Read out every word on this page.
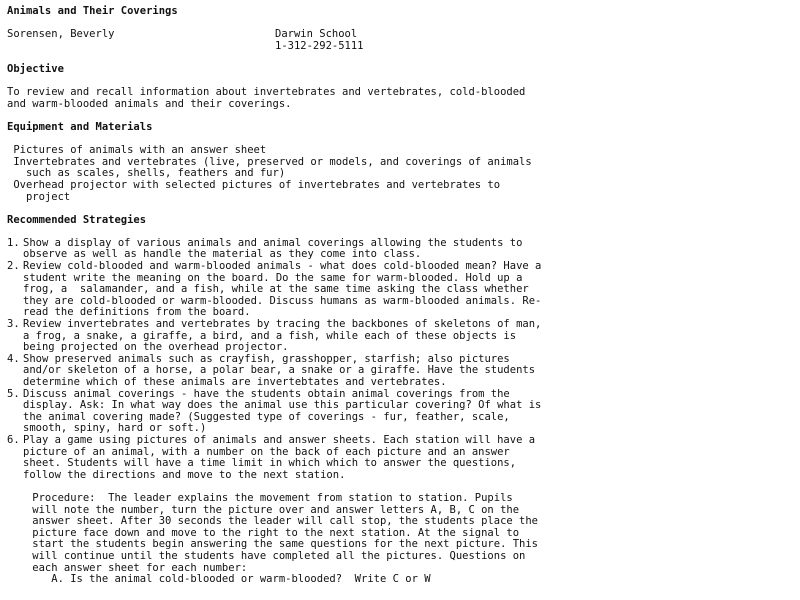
Animals and Their Coverings
Sorensen, Beverly	Darwin School
1-312-292-5111
Objective
To review and recall information about invertebrates and vertebrates, cold-blooded
and warm-blooded animals and their coverings.
Equipment and Materials
Pictures of animals with an answer sheet
Invertebrates and vertebrates (live, preserved or models, and coverings of animals
such as scales, shells, feathers and fur)
Overhead projector with selected pictures of invertebrates and vertebrates to
project
Recommended Strategies
1. Show a display of various animals and animal coverings allowing the students to
observe as well as handle the material as they come into class.
2. Review cold-blooded and warm-blooded animals - what does cold-blooded mean? Have a
student write the meaning on the board. Do the same for warm-blooded. Hold up a
frog, a  salamander, and a fish, while at the same time asking the class whether
they are cold-blooded or warm-blooded. Discuss humans as warm-blooded animals. Re-
read the definitions from the board.
3. Review invertebrates and vertebrates by tracing the backbones of skeletons of man,
a frog, a snake, a giraffe, a bird, and a fish, while each of these objects is
being projected on the overhead projector.
4. Show preserved animals such as crayfish, grasshopper, starfish; also pictures
and/or skeleton of a horse, a polar bear, a snake or a giraffe. Have the students
determine which of these animals are invertebtates and vertebrates.
5. Discuss animal coverings - have the students obtain animal coverings from the
display. Ask: In what way does the animal use this particular covering? Of what is
the animal covering made? (Suggested type of coverings - fur, feather, scale,
smooth, spiny, hard or soft.)
6. Play a game using pictures of animals and answer sheets. Each station will have a
picture of an animal, with a number on the back of each picture and an answer
sheet. Students will have a time limit in which which to answer the questions,
follow the directions and move to the next station.
Procedure:  The leader explains the movement from station to station. Pupils
will note the number, turn the picture over and answer letters A, B, C on the
answer sheet. After 30 seconds the leader will call stop, the students place the
picture face down and move to the right to the next station. At the signal to
start the students begin answering the same questions for the next picture. This
will continue until the students have completed all the pictures. Questions on
each answer sheet for each number:
A. Is the animal cold-blooded or warm-blooded?  Write C or W
